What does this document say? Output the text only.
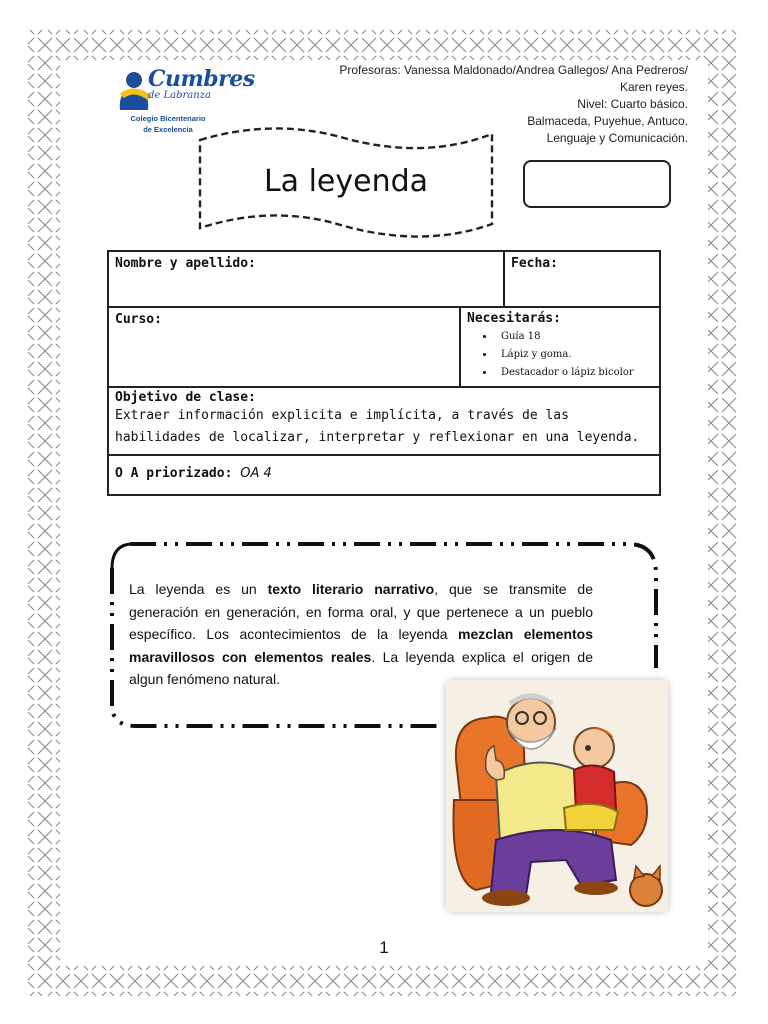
Cumbres
de Labranza
Colegio Bicentenario
de Excelencia
Profesoras: Vanessa Maldonado/Andrea Gallegos/ Ana Pedreros/
Karen reyes.
Nivel: Cuarto básico.
Balmaceda, Puyehue, Antuco.
Lenguaje y Comunicación.
La leyenda
Nombre y apellido:	Fecha:
Curso:	Necesitarás:
• Guía 18
• Lápiz y goma.
• Destacador o lápiz bicolor
Objetivo de clase:
Extraer información explicita e implícita, a través de las habilidades de localizar, interpretar y reflexionar en una leyenda.
O A priorizado: OA 4
La leyenda es un texto literario narrativo, que se transmite de generación en generación, en forma oral, y que pertenece a un pueblo específico. Los acontecimientos de la leyenda mezclan elementos maravillosos con elementos reales. La leyenda explica el origen de algun fenómeno natural.
1
